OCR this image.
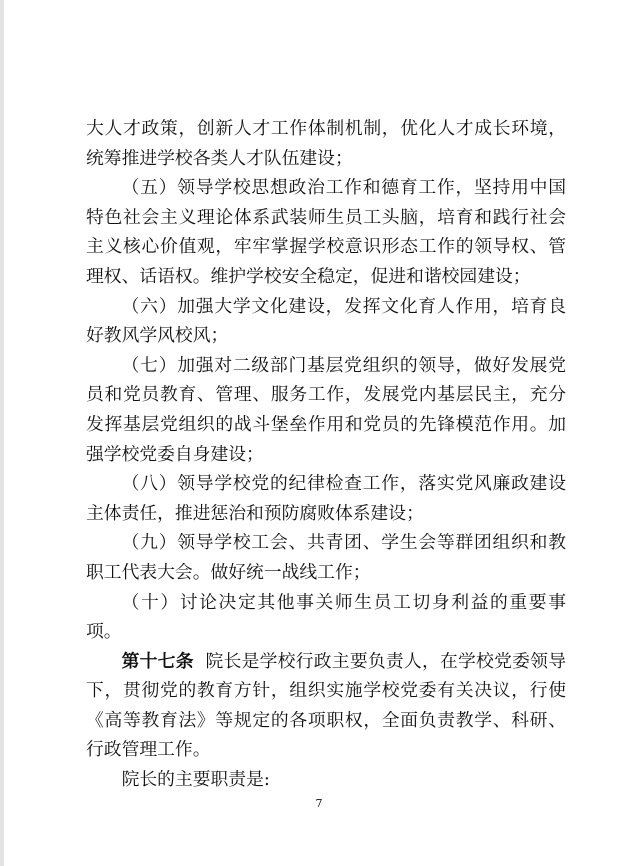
大人才政策，创新人才工作体制机制，优化人才成长环境，统筹推进学校各类人才队伍建设；

（五）领导学校思想政治工作和德育工作，坚持用中国特色社会主义理论体系武装师生员工头脑，培育和践行社会主义核心价值观，牢牢掌握学校意识形态工作的领导权、管理权、话语权。维护学校安全稳定，促进和谐校园建设；

（六）加强大学文化建设，发挥文化育人作用，培育良好教风学风校风；

（七）加强对二级部门基层党组织的领导，做好发展党员和党员教育、管理、服务工作，发展党内基层民主，充分发挥基层党组织的战斗堡垒作用和党员的先锋模范作用。加强学校党委自身建设；

（八）领导学校党的纪律检查工作，落实党风廉政建设主体责任，推进惩治和预防腐败体系建设；

（九）领导学校工会、共青团、学生会等群团组织和教职工代表大会。做好统一战线工作；

（十）讨论决定其他事关师生员工切身利益的重要事项。

第十七条 院长是学校行政主要负责人，在学校党委领导下，贯彻党的教育方针，组织实施学校党委有关决议，行使《高等教育法》等规定的各项职权，全面负责教学、科研、行政管理工作。

院长的主要职责是:

7
